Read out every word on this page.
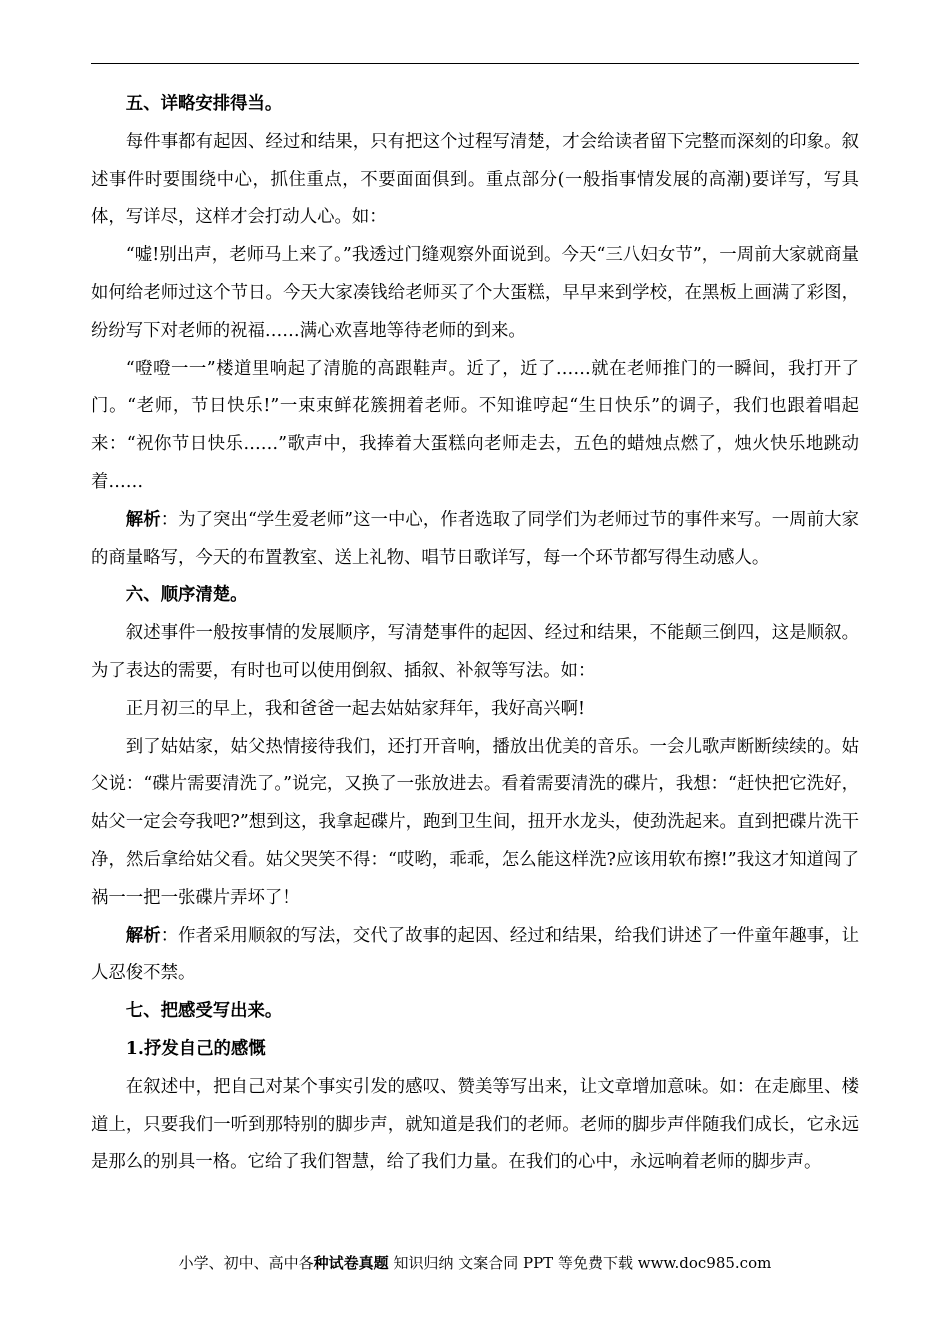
五、详略安排得当。

每件事都有起因、经过和结果，只有把这个过程写清楚，才会给读者留下完整而深刻的印象。叙述事件时要围绕中心，抓住重点，不要面面俱到。重点部分(一般指事情发展的高潮)要详写，写具体，写详尽，这样才会打动人心。如：

“嘘!别出声，老师马上来了。”我透过门缝观察外面说到。今天“三八妇女节”，一周前大家就商量如何给老师过这个节日。今天大家凑钱给老师买了个大蛋糕，早早来到学校，在黑板上画满了彩图，纷纷写下对老师的祝福……满心欢喜地等待老师的到来。

“噔噔一一”楼道里响起了清脆的高跟鞋声。近了，近了……就在老师推门的一瞬间，我打开了门。“老师，节日快乐!”一束束鲜花簇拥着老师。不知谁哼起“生日快乐”的调子，我们也跟着唱起来：“祝你节日快乐……”歌声中，我捧着大蛋糕向老师走去，五色的蜡烛点燃了，烛火快乐地跳动着……

解析：为了突出“学生爱老师”这一中心，作者选取了同学们为老师过节的事件来写。一周前大家的商量略写，今天的布置教室、送上礼物、唱节日歌详写，每一个环节都写得生动感人。

六、顺序清楚。

叙述事件一般按事情的发展顺序，写清楚事件的起因、经过和结果，不能颠三倒四，这是顺叙。为了表达的需要，有时也可以使用倒叙、插叙、补叙等写法。如：

正月初三的早上，我和爸爸一起去姑姑家拜年，我好高兴啊!

到了姑姑家，姑父热情接待我们，还打开音响，播放出优美的音乐。一会儿歌声断断续续的。姑父说：“碟片需要清洗了。”说完，又换了一张放进去。看着需要清洗的碟片，我想：“赶快把它洗好，姑父一定会夸我吧?”想到这，我拿起碟片，跑到卫生间，扭开水龙头，使劲洗起来。直到把碟片洗干净，然后拿给姑父看。姑父哭笑不得：“哎哟，乖乖，怎么能这样洗?应该用软布擦!”我这才知道闯了祸一一把一张碟片弄坏了！

解析：作者采用顺叙的写法，交代了故事的起因、经过和结果，给我们讲述了一件童年趣事，让人忍俊不禁。

七、把感受写出来。

1.抒发自己的感慨

在叙述中，把自己对某个事实引发的感叹、赞美等写出来，让文章增加意味。如：在走廊里、楼道上，只要我们一听到那特别的脚步声，就知道是我们的老师。老师的脚步声伴随我们成长，它永远是那么的别具一格。它给了我们智慧，给了我们力量。在我们的心中，永远响着老师的脚步声。

小学、初中、高中各种试卷真题 知识归纳 文案合同 PPT 等免费下载 www.doc985.com
